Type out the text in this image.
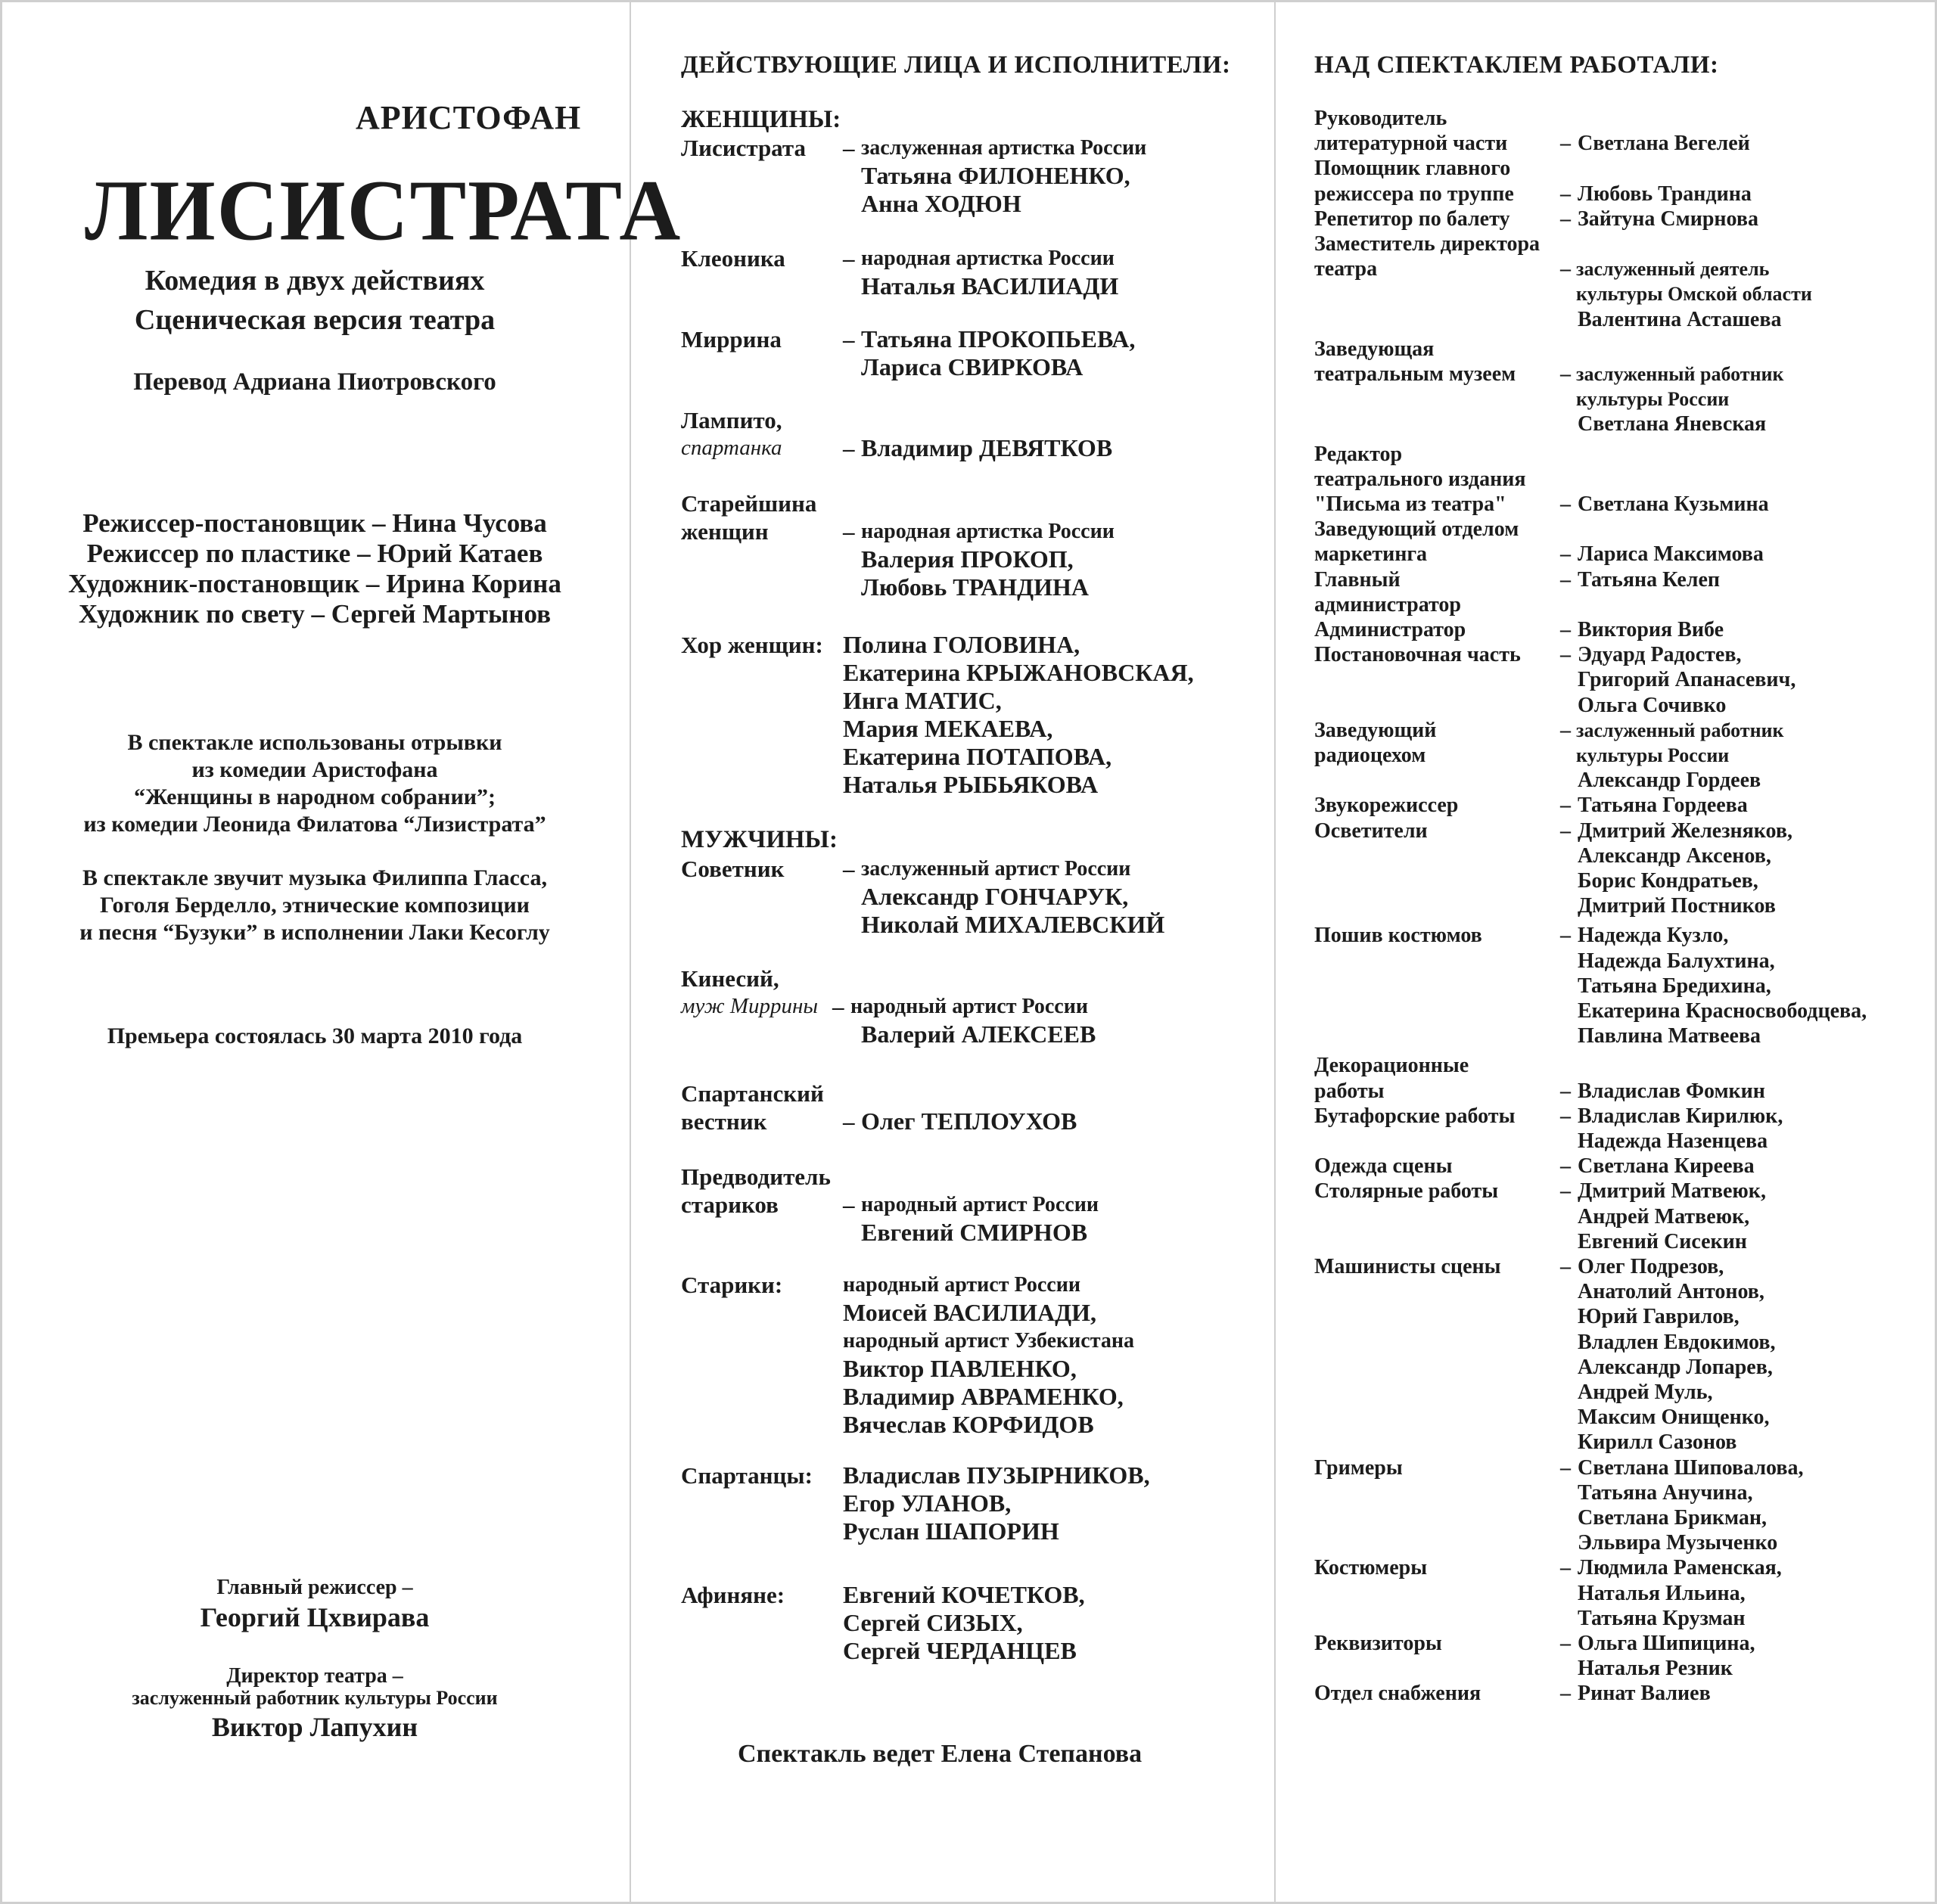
АРИСТОФАН
ЛИСИСТРАТА
Комедия в двух действиях
Сценическая версия театра
Перевод Адриана Пиотровского
Режиссер-постановщик – Нина Чусова
Режиссер по пластике – Юрий Катаев
Художник-постановщик – Ирина Корина
Художник по свету – Сергей Мартынов
В спектакле использованы отрывки
из комедии Аристофана
“Женщины в народном собрании”;
из комедии Леонида Филатова “Лизистрата”
В спектакле звучит музыка Филиппа Гласса,
Гоголя Берделло, этнические композиции
и песня “Бузуки” в исполнении Лаки Кесоглу
Премьера состоялась 30 марта 2010 года
Главный режиссер –
Георгий Цхвирава
Директор театра –
заслуженный работник культуры России
Виктор Лапухин
ДЕЙСТВУЮЩИЕ ЛИЦА И ИСПОЛНИТЕЛИ:
ЖЕНЩИНЫ:
МУЖЧИНЫ:
Лисистрата – заслуженная артистка России
Татьяна ФИЛОНЕНКО,
Анна ХОДЮН
Клеоника – народная артистка России
Наталья ВАСИЛИАДИ
Миррина	– Татьяна ПРОКОПЬЕВА,
Лариса СВИРКОВА
Лампито,
спартанка	– Владимир ДЕВЯТКОВ
Старейшина
женщин	– народная артистка России
Валерия ПРОКОП,
Любовь ТРАНДИНА
Хор женщин: Полина ГОЛОВИНА,
Екатерина КРЫЖАНОВСКАЯ,
Инга МАТИС,
Мария МЕКАЕВА,
Екатерина ПОТАПОВА,
Наталья РЫБЬЯКОВА
Советник	– заслуженный артист России
Александр ГОНЧАРУК,
Николай МИХАЛЕВСКИЙ
Кинесий,
муж Миррины – народный артист России
Валерий АЛЕКСЕЕВ
Спартанский
вестник	– Олег ТЕПЛОУХОВ
Предводитель
стариков	– народный артист России
Евгений СМИРНОВ
Старики:	народный артист России
Моисей ВАСИЛИАДИ,
народный артист Узбекистана
Виктор ПАВЛЕНКО,
Владимир АВРАМЕНКО,
Вячеслав КОРФИДОВ
Спартанцы: Владислав ПУЗЫРНИКОВ,
Егор УЛАНОВ,
Руслан ШАПОРИН
Афиняне: Евгений КОЧЕТКОВ,
Сергей СИЗЫХ,
Сергей ЧЕРДАНЦЕВ
Спектакль ведет Елена Степанова
НАД СПЕКТАКЛЕМ РАБОТАЛИ:
Руководитель
литературной части – Светлана Вегелей
Помощник главного
режиссера по труппе – Любовь Трандина
Репетитор по балету – Зайтуна Смирнова
Заместитель директора
театра	– заслуженный деятель
культуры Омской области
Валентина Асташева
Заведующая
театральным музеем – заслуженный работник
культуры России
Светлана Яневская
Редактор
театрального издания
"Письма из театра"	– Светлана Кузьмина
Заведующий отделом
маркетинга	– Лариса Максимова
Главный	– Татьяна Келеп
администратор
Администратор	– Виктория Вибе
Постановочная часть – Эдуард Радостев,
Григорий Апанасевич,
Ольга Сочивко
Заведующий	– заслуженный работник
радиоцехом	культуры России
Александр Гордеев
Звукорежиссер	– Татьяна Гордеева
Осветители	– Дмитрий Железняков,
Александр Аксенов,
Борис Кондратьев,
Дмитрий Постников
Пошив костюмов	– Надежда Кузло,
Надежда Балухтина,
Татьяна Бредихина,
Екатерина Красносвободцева,
Павлина Матвеева
Декорационные
работы	– Владислав Фомкин
Бутафорские работы – Владислав Кирилюк,
Надежда Назенцева
Одежда сцены	– Светлана Киреева
Столярные работы	– Дмитрий Матвеюк,
Андрей Матвеюк,
Евгений Сисекин
Машинисты сцены	– Олег Подрезов,
Анатолий Антонов,
Юрий Гаврилов,
Владлен Евдокимов,
Александр Лопарев,
Андрей Муль,
Максим Онищенко,
Кирилл Сазонов
Гримеры	– Светлана Шиповалова,
Татьяна Анучина,
Светлана Брикман,
Эльвира Музыченко
Костюмеры	– Людмила Раменская,
Наталья Ильина,
Татьяна Крузман
Реквизиторы	– Ольга Шипицина,
Наталья Резник
Отдел снабжения	– Ринат Валиев
